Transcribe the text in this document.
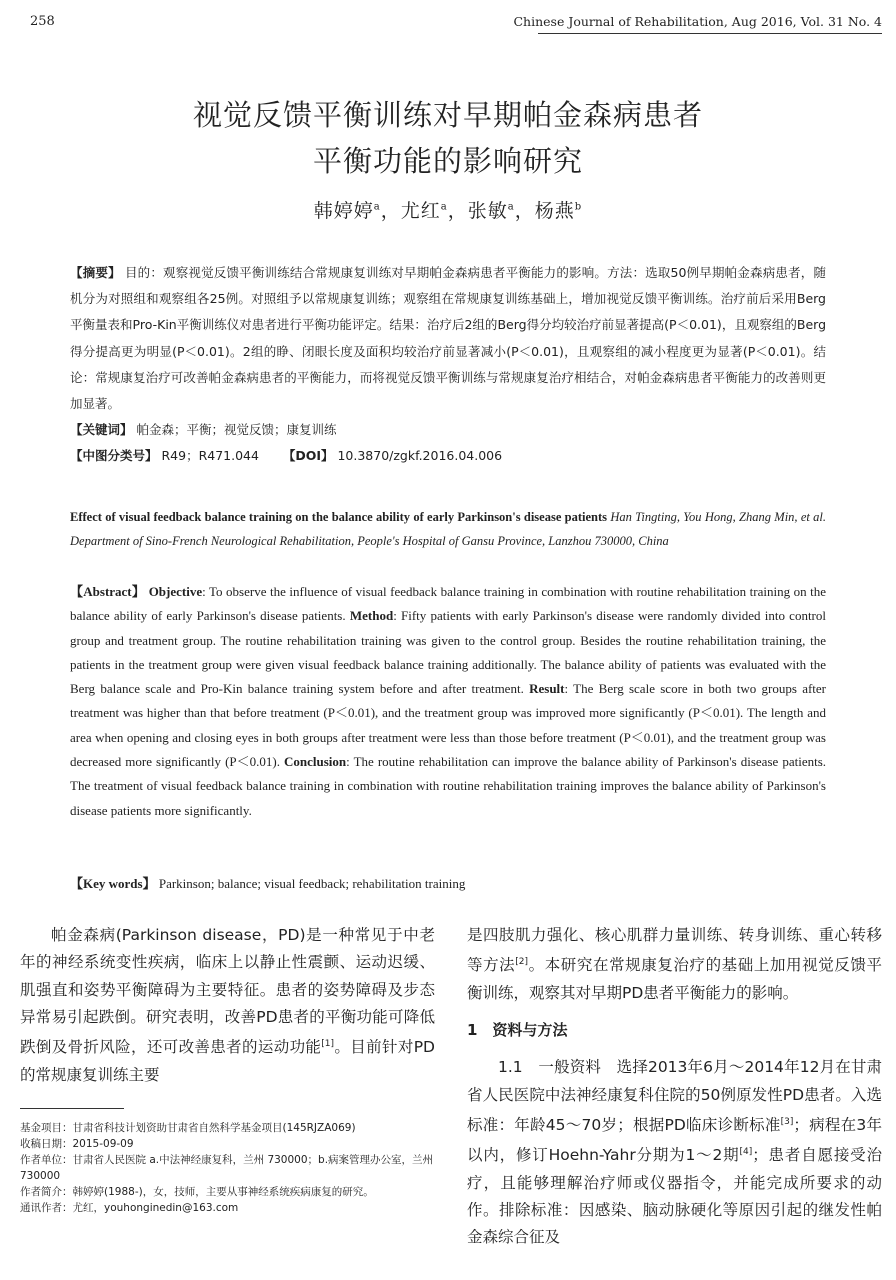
258	Chinese Journal of Rehabilitation, Aug 2016, Vol. 31 No. 4
视觉反馈平衡训练对早期帕金森病患者
平衡功能的影响研究
韩婷婷$^a$，尤红$^a$，张敏$^a$，杨燕$^b$
【摘要】 目的：观察视觉反馈平衡训练结合常规康复训练对早期帕金森病患者平衡能力的影响。方法：选取50例早期帕金森病患者，随机分为对照组和观察组各25例。对照组予以常规康复训练；观察组在常规康复训练基础上，增加视觉反馈平衡训练。治疗前后采用Berg平衡量表和Pro-Kin平衡训练仪对患者进行平衡功能评定。结果：治疗后2组的Berg得分均较治疗前显著提高(P＜0.01)，且观察组的Berg得分提高更为明显(P＜0.01)。2组的睁、闭眼长度及面积均较治疗前显著减小(P＜0.01)，且观察组的减小程度更为显著(P＜0.01)。结论：常规康复治疗可改善帕金森病患者的平衡能力，而将视觉反馈平衡训练与常规康复治疗相结合，对帕金森病患者平衡能力的改善则更加显著。
【关键词】 帕金森；平衡；视觉反馈；康复训练
【中图分类号】 R49；R471.044 【DOI】 10.3870/zgkf.2016.04.006
Effect of visual feedback balance training on the balance ability of early Parkinson's disease patients Han Tingting, You Hong, Zhang Min, et al. Department of Sino-French Neurological Rehabilitation, People's Hospital of Gansu Province, Lanzhou 730000, China
【Abstract】 Objective: To observe the influence of visual feedback balance training in combination with routine rehabilitation training on the balance ability of early Parkinson's disease patients. Method: Fifty patients with early Parkinson's disease were randomly divided into control group and treatment group. The routine rehabilitation training was given to the control group. Besides the routine rehabilitation training, the patients in the treatment group were given visual feedback balance training additionally. The balance ability of patients was evaluated with the Berg balance scale and Pro-Kin balance training system before and after treatment. Result: The Berg scale score in both two groups after treatment was higher than that before treatment (P＜0.01), and the treatment group was improved more significantly (P＜0.01). The length and area when opening and closing eyes in both groups after treatment were less than those before treatment (P＜0.01), and the treatment group was decreased more significantly (P＜0.01). Conclusion: The routine rehabilitation can improve the balance ability of Parkinson's disease patients. The treatment of visual feedback balance training in combination with routine rehabilitation training improves the balance ability of Parkinson's disease patients more significantly.
【Key words】 Parkinson; balance; visual feedback; rehabilitation training
帕金森病(Parkinson disease，PD)是一种常见于中老年的神经系统变性疾病，临床上以静止性震颤、运动迟缓、肌强直和姿势平衡障碍为主要特征。患者的姿势障碍及步态异常易引起跌倒。研究表明，改善PD患者的平衡功能可降低跌倒及骨折风险，还可改善患者的运动功能[1]。目前针对PD的常规康复训练主要
是四肢肌力强化、核心肌群力量训练、转身训练、重心转移等方法[2]。本研究在常规康复治疗的基础上加用视觉反馈平衡训练，观察其对早期PD患者平衡能力的影响。
1　资料与方法
1.1　一般资料　 选择2013年6月～2014年12月在甘肃省人民医院中法神经康复科住院的50例原发性PD患者。入选标准：年龄45～70岁；根据PD临床诊断标准[3]；病程在3年以内，修订Hoehn-Yahr分期为1～2期[4]；患者自愿接受治疗，且能够理解治疗师或仪器指令，并能完成所要求的动作。排除标准：因感染、脑动脉硬化等原因引起的继发性帕金森综合征及
基金项目：甘肃省科技计划资助甘肃省自然科学基金项目(145RJZA069)
收稿日期：2015-09-09
作者单位：甘肃省人民医院 a.中法神经康复科，兰州 730000；b.病案管理办公室，兰州 730000
作者简介：韩婷婷(1988-)，女，技师，主要从事神经系统疾病康复的研究。
通讯作者：尤红，youhonginedin@163.com
